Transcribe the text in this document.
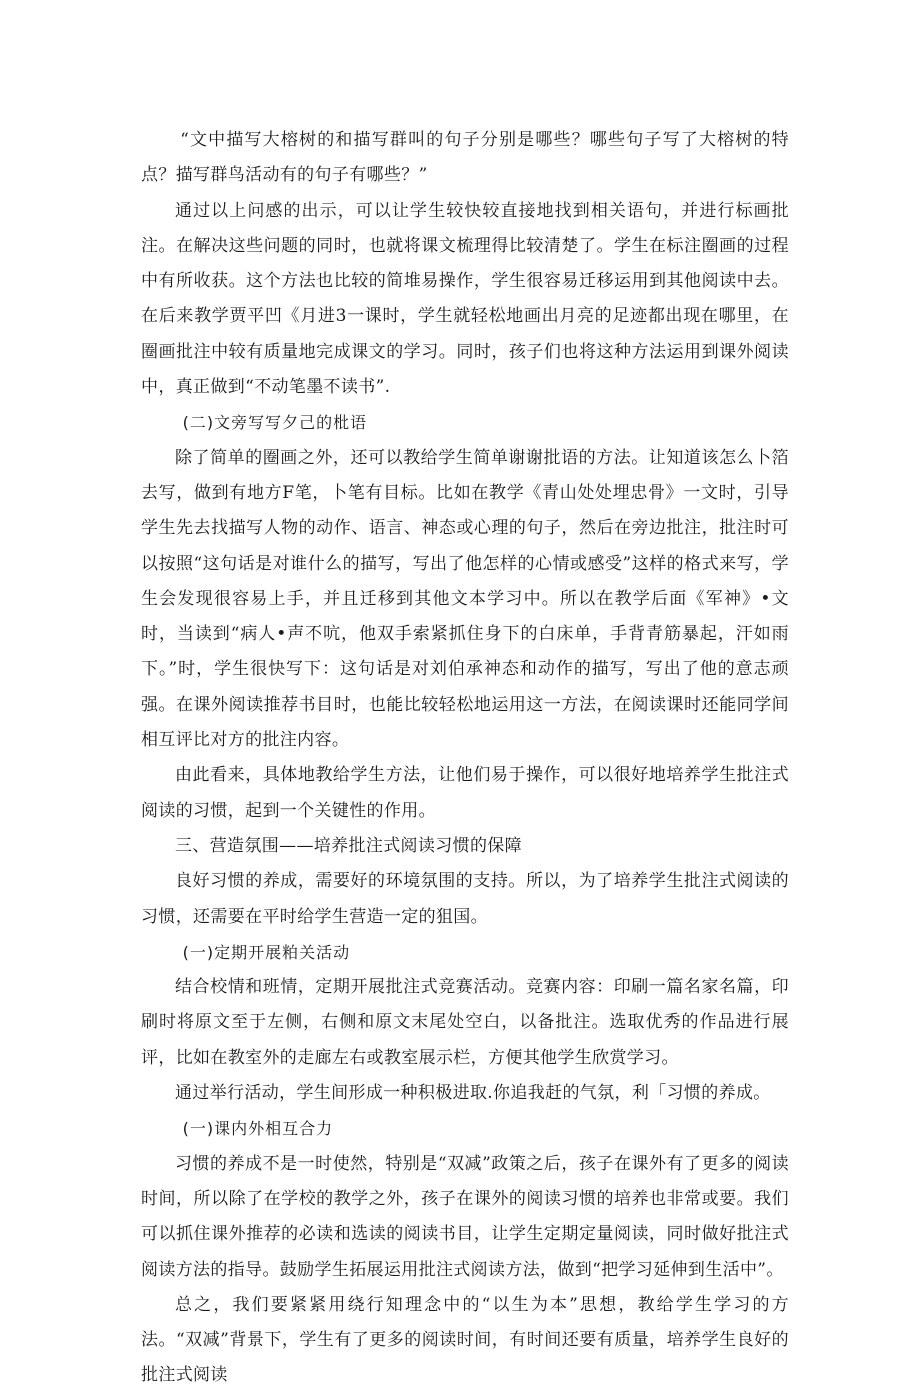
“文中描写大榕树的和描写群叫的句子分别是哪些？哪些句子写了大榕树的特点？描写群鸟活动有的句子有哪些？”

通过以上问感的出示，可以让学生较快较直接地找到相关语句，并进行标画批注。在解决这些问题的同时，也就将课文梳理得比较清楚了。学生在标注圈画的过程中有所收获。这个方法也比较的简堆易操作，学生很容易迁移运用到其他阅读中去。在后来教学贾平凹《月进3一课时，学生就轻松地画出月亮的足迹都出现在哪里，在圈画批注中较有质量地完成课文的学习。同时，孩子们也将这种方法运用到课外阅读中，真正做到“不动笔墨不读书”.

(二)文旁写写夕己的枇语

除了简单的圈画之外，还可以教给学生简单谢谢批语的方法。让知道该怎么卜箔去写，做到有地方F笔，卜笔有目标。比如在教学《青山处处埋忠骨》一文时，引导学生先去找描写人物的动作、语言、神态或心理的句子，然后在旁边批注，批注时可以按照“这句话是对谁什么的描写，写出了他怎样的心情或感受”这样的格式来写，学生会发现很容易上手，并且迁移到其他文本学习中。所以在教学后面《军神》•文时，当读到“病人•声不吭，他双手索紧抓住身下的白床单，手背青筋暴起，汗如雨下。”时，学生很快写下：这句话是对刘伯承神态和动作的描写，写出了他的意志顽强。在课外阅读推荐书目时，也能比较轻松地运用这一方法，在阅读课时还能同学间相互评比对方的批注内容。

由此看来，具体地教给学生方法，让他们易于操作，可以很好地培养学生批注式阅读的习惯，起到一个关键性的作用。

三、营造氛围——培养批注式阅读习惯的保障

良好习惯的养成，需要好的环境氛围的支持。所以，为了培养学生批注式阅读的习惯，还需要在平时给学生营造一定的狙国。

(一)定期开展粕关活动

结合校情和班情，定期开展批注式竞赛活动。竞赛内容：印刷一篇名家名篇，印刷时将原文至于左侧，右侧和原文末尾处空白，以备批注。选取优秀的作品进行展评，比如在教室外的走廊左右或教室展示栏，方便其他学生欣赏学习。

通过举行活动，学生间形成一种积极进取.你追我赶的气氛，利「习惯的养成。

(一)课内外相互合力

习惯的养成不是一时使然，特别是“双减”政策之后，孩子在课外有了更多的阅读时间，所以除了在学校的教学之外，孩子在课外的阅读习惯的培养也非常或要。我们可以抓住课外推荐的必读和选读的阅读书目，让学生定期定量阅读，同时做好批注式阅读方法的指导。鼓励学生拓展运用批注式阅读方法，做到“把学习延伸到生活中”。

总之，我们要紧紧用绕行知理念中的“以生为本”思想，教给学生学习的方法。“双减”背景下，学生有了更多的阅读时间，有时间还要有质量，培养学生良好的批注式阅读
